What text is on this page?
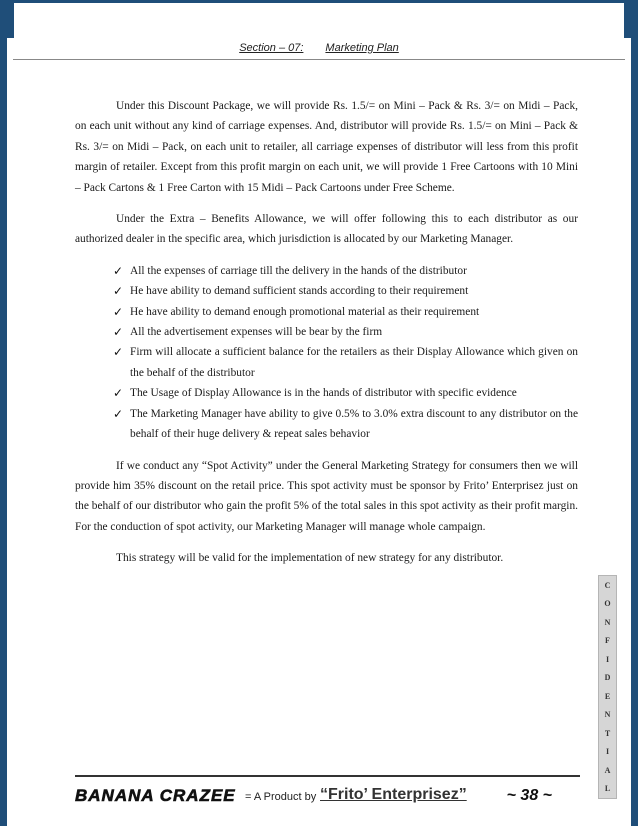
Section – 07: Marketing Plan

Under this Discount Package, we will provide Rs. 1.5/= on Mini – Pack & Rs. 3/= on Midi – Pack, on each unit without any kind of carriage expenses. And, distributor will provide Rs. 1.5/= on Mini – Pack & Rs. 3/= on Midi – Pack, on each unit to retailer, all carriage expenses of distributor will less from this profit margin of retailer. Except from this profit margin on each unit, we will provide 1 Free Cartoons with 10 Mini – Pack Cartons & 1 Free Carton with 15 Midi – Pack Cartoons under Free Scheme.

Under the Extra – Benefits Allowance, we will offer following this to each distributor as our authorized dealer in the specific area, which jurisdiction is allocated by our Marketing Manager.

✓ All the expenses of carriage till the delivery in the hands of the distributor
✓ He have ability to demand sufficient stands according to their requirement
✓ He have ability to demand enough promotional material as their requirement
✓ All the advertisement expenses will be bear by the firm
✓ Firm will allocate a sufficient balance for the retailers as their Display Allowance which given on the behalf of the distributor
✓ The Usage of Display Allowance is in the hands of distributor with specific evidence
✓ The Marketing Manager have ability to give 0.5% to 3.0% extra discount to any distributor on the behalf of their huge delivery & repeat sales behavior

If we conduct any “Spot Activity” under the General Marketing Strategy for consumers then we will provide him 35% discount on the retail price. This spot activity must be sponsor by Frito’ Enterprisez just on the behalf of our distributor who gain the profit 5% of the total sales in this spot activity as their profit margin. For the conduction of spot activity, our Marketing Manager will manage whole campaign.

This strategy will be valid for the implementation of new strategy for any distributor.

C
O
N
F
I
D
E
N
T
I
A
L
BANANA CRAZEE = A Product by “Frito’ Enterprisez” ~ 38 ~
